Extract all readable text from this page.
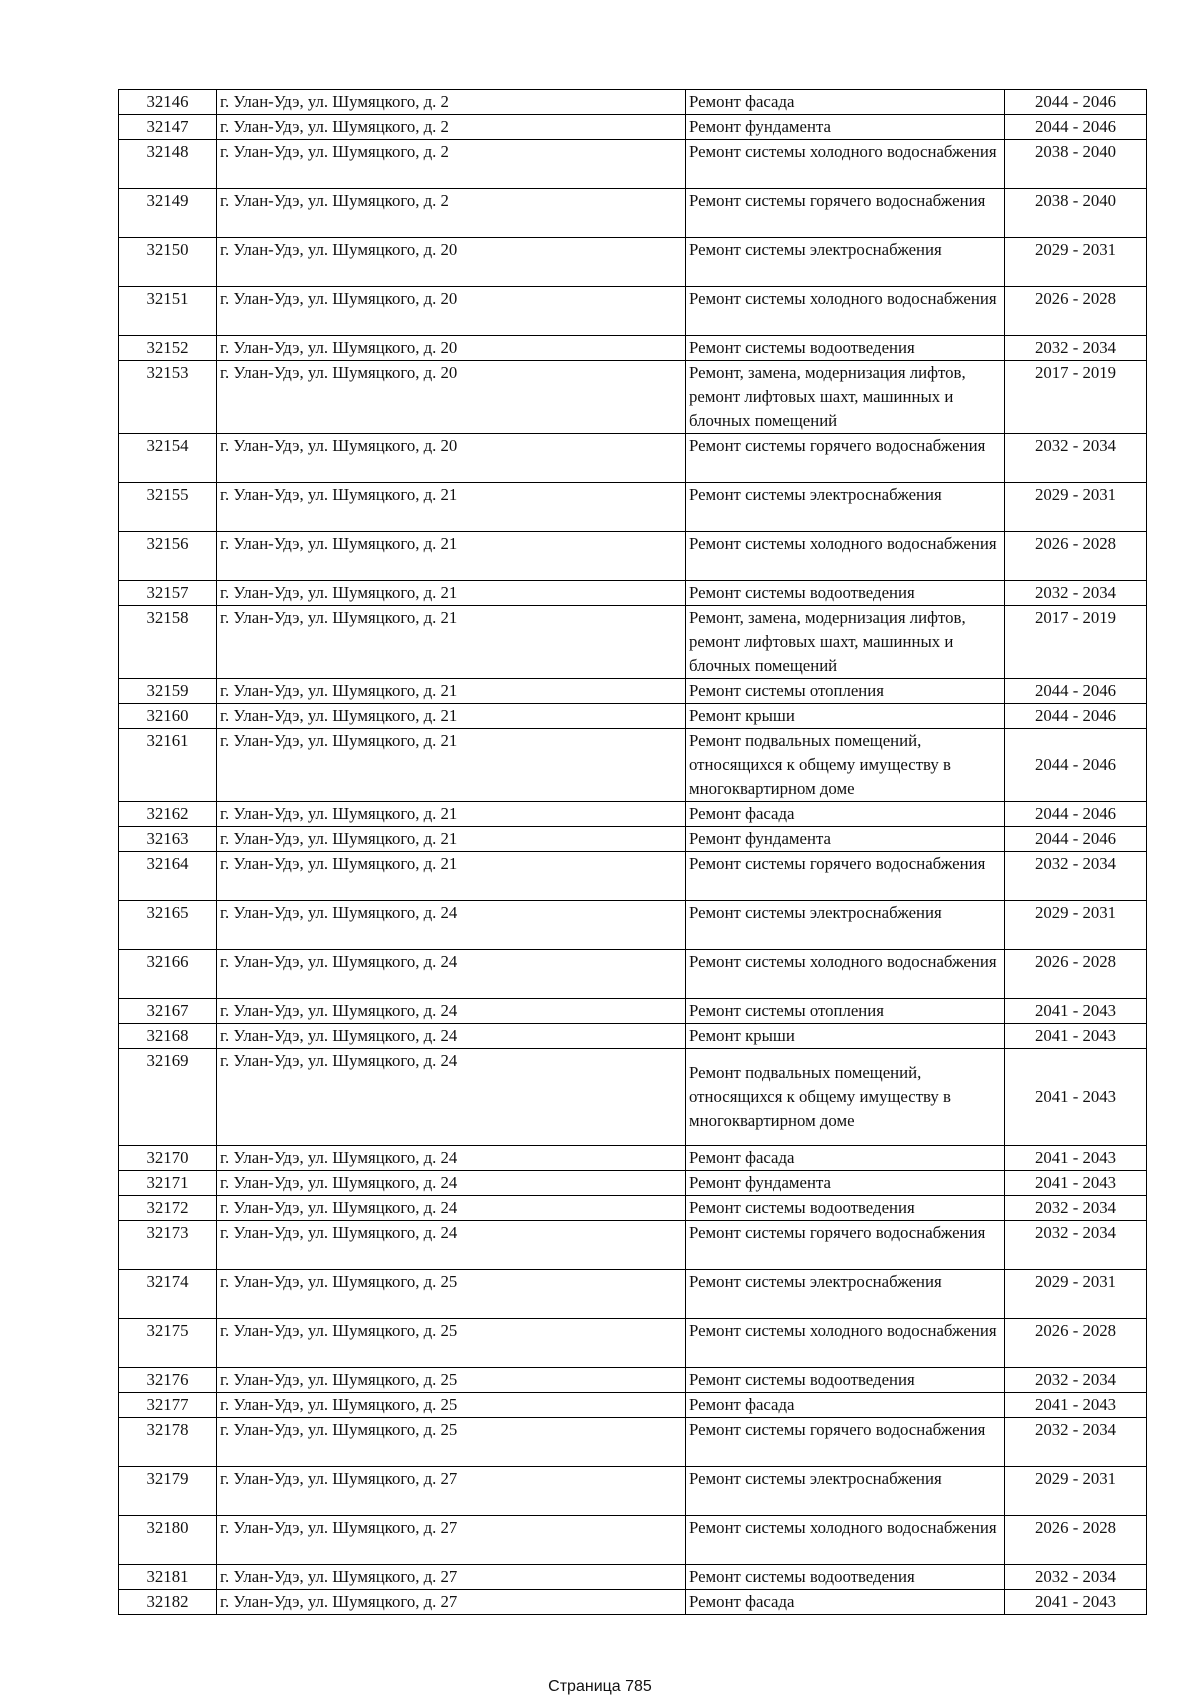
32146	г. Улан-Удэ, ул. Шумяцкого, д. 2	Ремонт фасада	2044 - 2046
32147	г. Улан-Удэ, ул. Шумяцкого, д. 2	Ремонт фундамента	2044 - 2046
32148	г. Улан-Удэ, ул. Шумяцкого, д. 2	Ремонт системы холодного водоснабжения	2038 - 2040
32149	г. Улан-Удэ, ул. Шумяцкого, д. 2	Ремонт системы горячего водоснабжения	2038 - 2040
32150	г. Улан-Удэ, ул. Шумяцкого, д. 20	Ремонт системы электроснабжения	2029 - 2031
32151	г. Улан-Удэ, ул. Шумяцкого, д. 20	Ремонт системы холодного водоснабжения	2026 - 2028
32152	г. Улан-Удэ, ул. Шумяцкого, д. 20	Ремонт системы водоотведения	2032 - 2034
32153	г. Улан-Удэ, ул. Шумяцкого, д. 20	Ремонт, замена, модернизация лифтов, ремонт лифтовых шахт, машинных и блочных помещений	2017 - 2019
32154	г. Улан-Удэ, ул. Шумяцкого, д. 20	Ремонт системы горячего водоснабжения	2032 - 2034
32155	г. Улан-Удэ, ул. Шумяцкого, д. 21	Ремонт системы электроснабжения	2029 - 2031
32156	г. Улан-Удэ, ул. Шумяцкого, д. 21	Ремонт системы холодного водоснабжения	2026 - 2028
32157	г. Улан-Удэ, ул. Шумяцкого, д. 21	Ремонт системы водоотведения	2032 - 2034
32158	г. Улан-Удэ, ул. Шумяцкого, д. 21	Ремонт, замена, модернизация лифтов, ремонт лифтовых шахт, машинных и блочных помещений	2017 - 2019
32159	г. Улан-Удэ, ул. Шумяцкого, д. 21	Ремонт системы отопления	2044 - 2046
32160	г. Улан-Удэ, ул. Шумяцкого, д. 21	Ремонт крыши	2044 - 2046
32161	г. Улан-Удэ, ул. Шумяцкого, д. 21	Ремонт подвальных помещений, относящихся к общему имуществу в многоквартирном доме	2044 - 2046
32162	г. Улан-Удэ, ул. Шумяцкого, д. 21	Ремонт фасада	2044 - 2046
32163	г. Улан-Удэ, ул. Шумяцкого, д. 21	Ремонт фундамента	2044 - 2046
32164	г. Улан-Удэ, ул. Шумяцкого, д. 21	Ремонт системы горячего водоснабжения	2032 - 2034
32165	г. Улан-Удэ, ул. Шумяцкого, д. 24	Ремонт системы электроснабжения	2029 - 2031
32166	г. Улан-Удэ, ул. Шумяцкого, д. 24	Ремонт системы холодного водоснабжения	2026 - 2028
32167	г. Улан-Удэ, ул. Шумяцкого, д. 24	Ремонт системы отопления	2041 - 2043
32168	г. Улан-Удэ, ул. Шумяцкого, д. 24	Ремонт крыши	2041 - 2043
32169	г. Улан-Удэ, ул. Шумяцкого, д. 24	Ремонт подвальных помещений, относящихся к общему имуществу в многоквартирном доме	2041 - 2043
32170	г. Улан-Удэ, ул. Шумяцкого, д. 24	Ремонт фасада	2041 - 2043
32171	г. Улан-Удэ, ул. Шумяцкого, д. 24	Ремонт фундамента	2041 - 2043
32172	г. Улан-Удэ, ул. Шумяцкого, д. 24	Ремонт системы водоотведения	2032 - 2034
32173	г. Улан-Удэ, ул. Шумяцкого, д. 24	Ремонт системы горячего водоснабжения	2032 - 2034
32174	г. Улан-Удэ, ул. Шумяцкого, д. 25	Ремонт системы электроснабжения	2029 - 2031
32175	г. Улан-Удэ, ул. Шумяцкого, д. 25	Ремонт системы холодного водоснабжения	2026 - 2028
32176	г. Улан-Удэ, ул. Шумяцкого, д. 25	Ремонт системы водоотведения	2032 - 2034
32177	г. Улан-Удэ, ул. Шумяцкого, д. 25	Ремонт фасада	2041 - 2043
32178	г. Улан-Удэ, ул. Шумяцкого, д. 25	Ремонт системы горячего водоснабжения	2032 - 2034
32179	г. Улан-Удэ, ул. Шумяцкого, д. 27	Ремонт системы электроснабжения	2029 - 2031
32180	г. Улан-Удэ, ул. Шумяцкого, д. 27	Ремонт системы холодного водоснабжения	2026 - 2028
32181	г. Улан-Удэ, ул. Шумяцкого, д. 27	Ремонт системы водоотведения	2032 - 2034
32182	г. Улан-Удэ, ул. Шумяцкого, д. 27	Ремонт фасада	2041 - 2043
Страница 785
